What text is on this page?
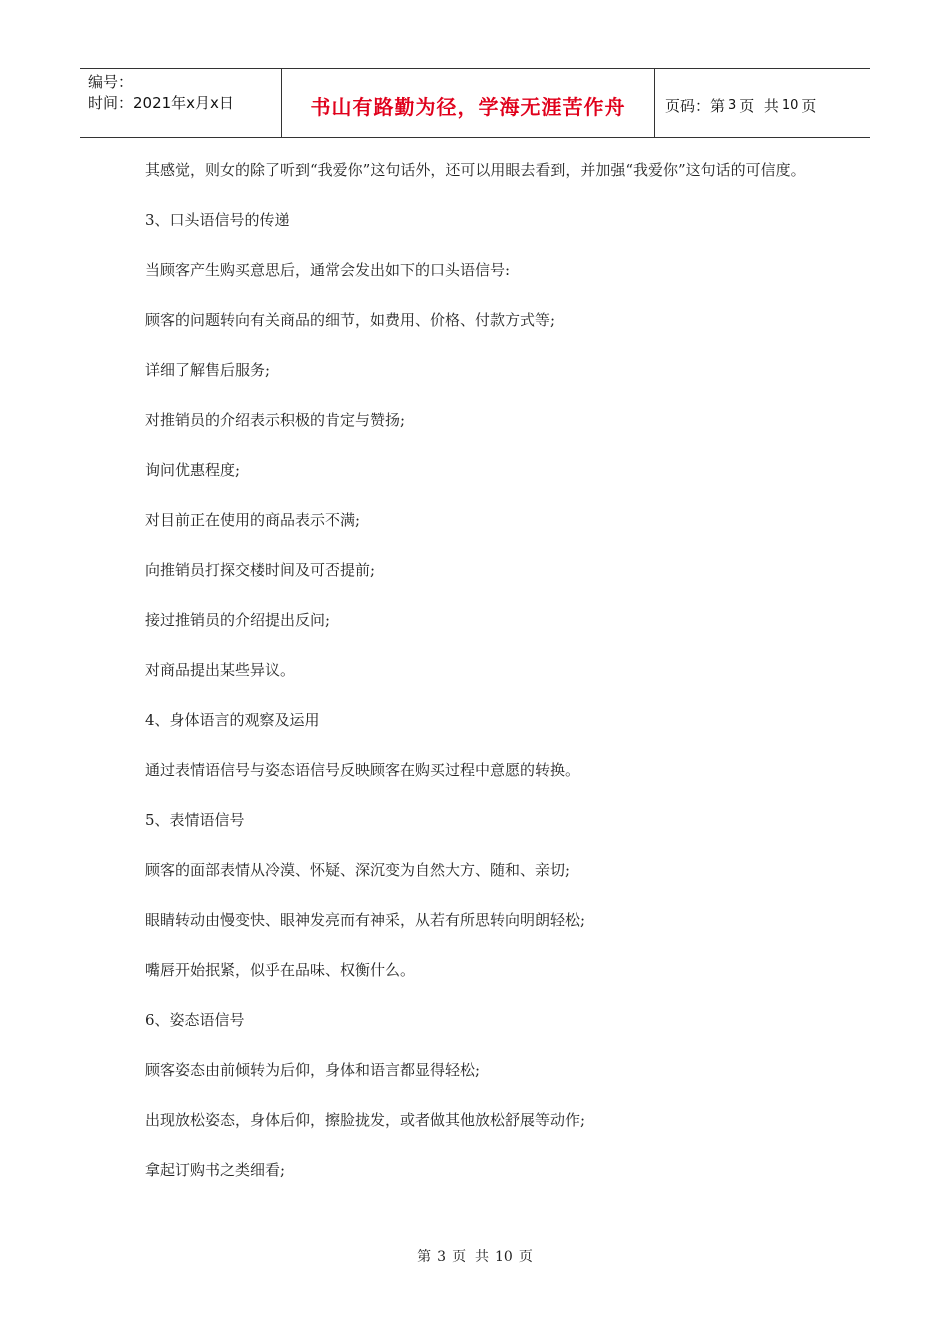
编号：
时间：2021年x月x日	书山有路勤为径，学海无涯苦作舟	页码：第 3 页  共 10 页

其感觉，则女的除了听到“我爱你”这句话外，还可以用眼去看到，并加强“我爱你”这句话的可信度。

3、口头语信号的传递

当顾客产生购买意思后，通常会发出如下的口头语信号:

顾客的问题转向有关商品的细节，如费用、价格、付款方式等;

详细了解售后服务;

对推销员的介绍表示积极的肯定与赞扬;

询问优惠程度;

对目前正在使用的商品表示不满;

向推销员打探交楼时间及可否提前;

接过推销员的介绍提出反问;

对商品提出某些异议。

4、身体语言的观察及运用

通过表情语信号与姿态语信号反映顾客在购买过程中意愿的转换。

5、表情语信号

顾客的面部表情从冷漠、怀疑、深沉变为自然大方、随和、亲切;

眼睛转动由慢变快、眼神发亮而有神采，从若有所思转向明朗轻松;

嘴唇开始抿紧，似乎在品味、权衡什么。

6、姿态语信号

顾客姿态由前倾转为后仰，身体和语言都显得轻松;

出现放松姿态，身体后仰，擦脸拢发，或者做其他放松舒展等动作;

拿起订购书之类细看;

第 3 页  共 10 页
